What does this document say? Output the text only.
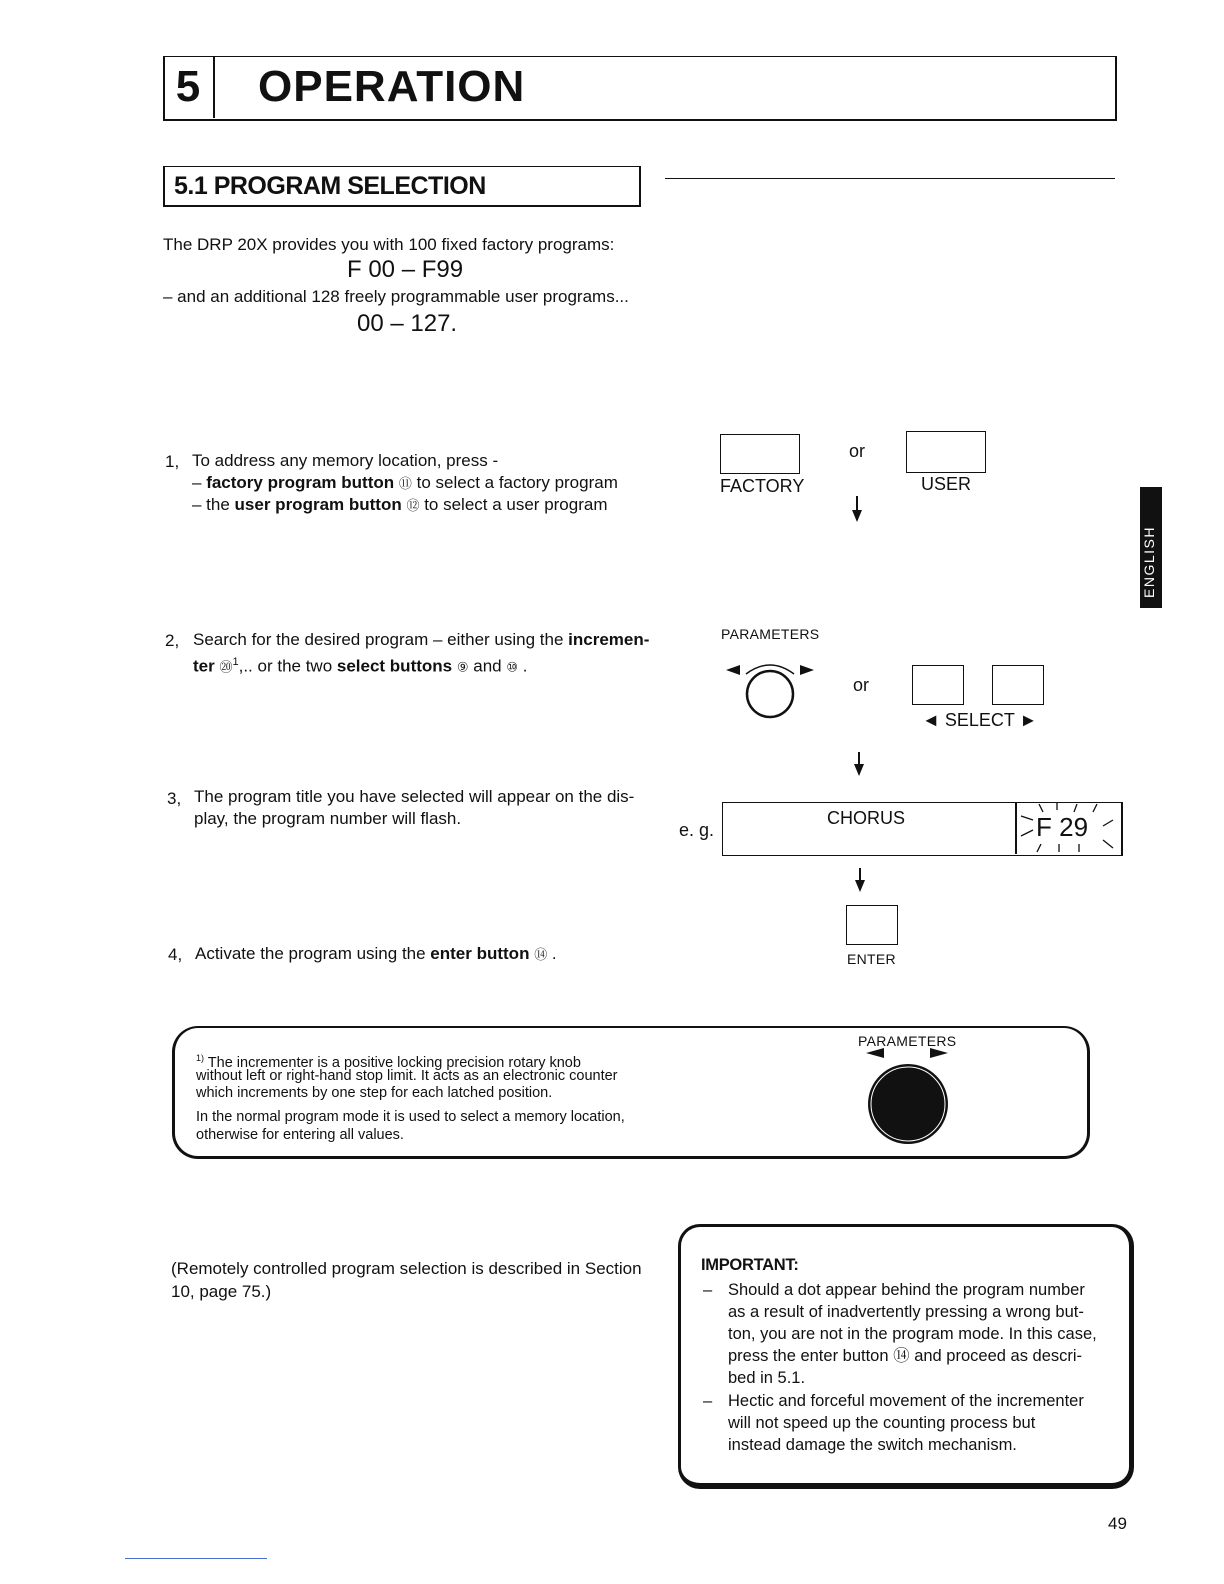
5	OPERATION
5.1 PROGRAM SELECTION
The DRP 20X provides you with 100 fixed factory programs:
F 00 – F99
– and an additional 128 freely programmable user programs...
00 – 127.
1, To address any memory location, press -
– factory program button ⑪ to select a factory program
– the user program button ⑫ to select a user program
FACTORY
or
USER
2, Search for the desired program – either using the incremen-
ter ⑳$^1$,.. or the two select buttons ⑨ and ⑩ .
PARAMETERS
or
◄ SELECT ►
3, The program title you have selected will appear on the dis-
play, the program number will flash.
e. g.
CHORUS	F 29
4, Activate the program using the enter button ⑭ .	ENTER
$^{1)}$ The incrementer is a positive locking precision rotary knob
without left or right-hand stop limit. It acts as an electronic counter
which increments by one step for each latched position.
In the normal program mode it is used to select a memory location,
otherwise for entering all values.
PARAMETERS
(Remotely controlled program selection is described in Section
10, page 75.)
IMPORTANT:
– Should a dot appear behind the program number
as a result of inadvertently pressing a wrong but-
ton, you are not in the program mode. In this case,
press the enter button ⑭ and proceed as descri-
bed in 5.1.
– Hectic and forceful movement of the incrementer
will not speed up the counting process but
instead damage the switch mechanism.
ENGLISH
49
